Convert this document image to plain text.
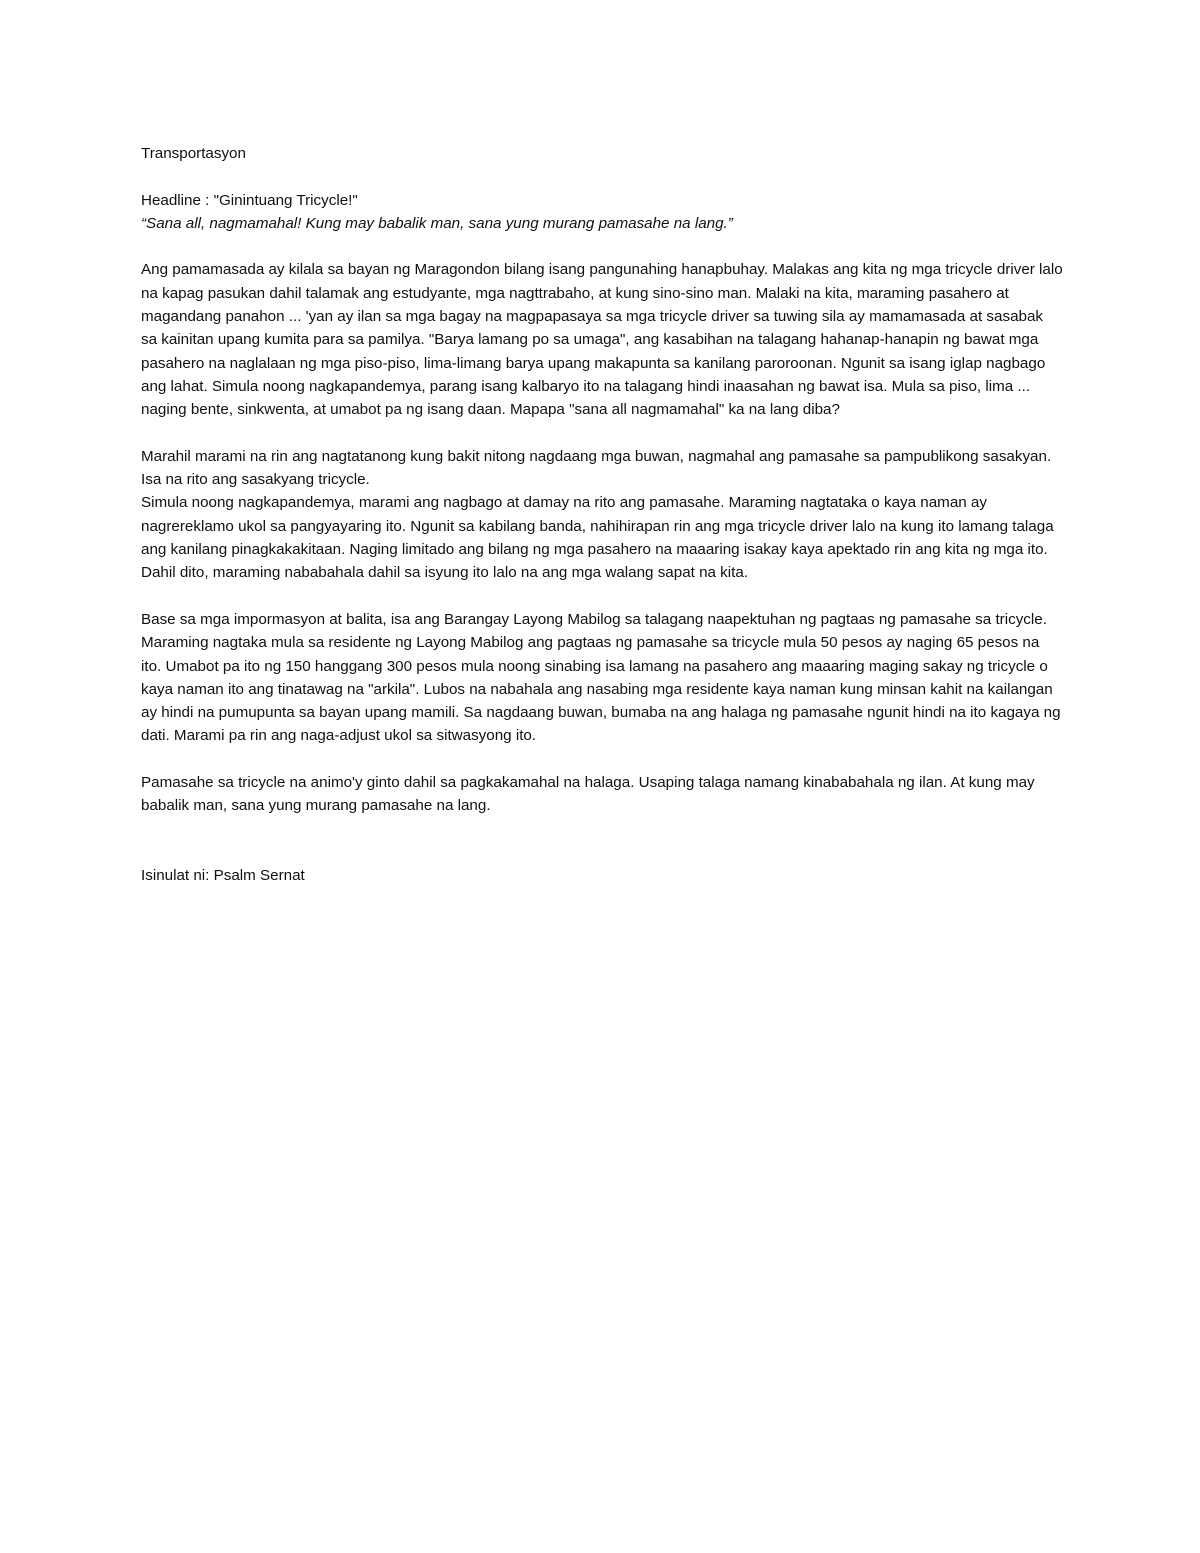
Transportasyon

Headline : "Ginintuang Tricycle!"

“Sana all, nagmamahal! Kung may babalik man, sana yung murang pamasahe na lang.”

Ang pamamasada ay kilala sa bayan ng Maragondon bilang isang pangunahing hanapbuhay. Malakas ang kita ng mga tricycle driver lalo na kapag pasukan dahil talamak ang estudyante, mga nagttrabaho, at kung sino-sino man. Malaki na kita, maraming pasahero at magandang panahon ... 'yan ay ilan sa mga bagay na magpapasaya sa mga tricycle driver sa tuwing sila ay mamamasada at sasabak sa kainitan upang kumita para sa pamilya. "Barya lamang po sa umaga", ang kasabihan na talagang hahanap-hanapin ng bawat mga pasahero na naglalaan ng mga piso-piso, lima-limang barya upang makapunta sa kanilang paroroonan. Ngunit sa isang iglap nagbago ang lahat. Simula noong nagkapandemya, parang isang kalbaryo ito na talagang hindi inaasahan ng bawat isa. Mula sa piso, lima ... naging bente, sinkwenta, at umabot pa ng isang daan. Mapapa "sana all nagmamahal" ka na lang diba?

Marahil marami na rin ang nagtatanong kung bakit nitong nagdaang mga buwan, nagmahal ang pamasahe sa pampublikong sasakyan. Isa na rito ang sasakyang tricycle.

Simula noong nagkapandemya, marami ang nagbago at damay na rito ang pamasahe. Maraming nagtataka o kaya naman ay nagrereklamo ukol sa pangyayaring ito. Ngunit sa kabilang banda, nahihirapan rin ang mga tricycle driver lalo na kung ito lamang talaga ang kanilang pinagkakakitaan. Naging limitado ang bilang ng mga pasahero na maaaring isakay kaya apektado rin ang kita ng mga ito. Dahil dito, maraming nababahala dahil sa isyung ito lalo na ang mga walang sapat na kita.

Base sa mga impormasyon at balita, isa ang Barangay Layong Mabilog sa talagang naapektuhan ng pagtaas ng pamasahe sa tricycle. Maraming nagtaka mula sa residente ng Layong Mabilog ang pagtaas ng pamasahe sa tricycle mula 50 pesos ay naging 65 pesos na ito. Umabot pa ito ng 150 hanggang 300 pesos mula noong sinabing isa lamang na pasahero ang maaaring maging sakay ng tricycle o kaya naman ito ang tinatawag na "arkila". Lubos na nabahala ang nasabing mga residente kaya naman kung minsan kahit na kailangan ay hindi na pumupunta sa bayan upang mamili. Sa nagdaang buwan, bumaba na ang halaga ng pamasahe ngunit hindi na ito kagaya ng dati. Marami pa rin ang naga-adjust ukol sa sitwasyong ito.

Pamasahe sa tricycle na animo'y ginto dahil sa pagkakamahal na halaga. Usaping talaga namang kinababahala ng ilan. At kung may babalik man, sana yung murang pamasahe na lang.

Isinulat ni: Psalm Sernat
